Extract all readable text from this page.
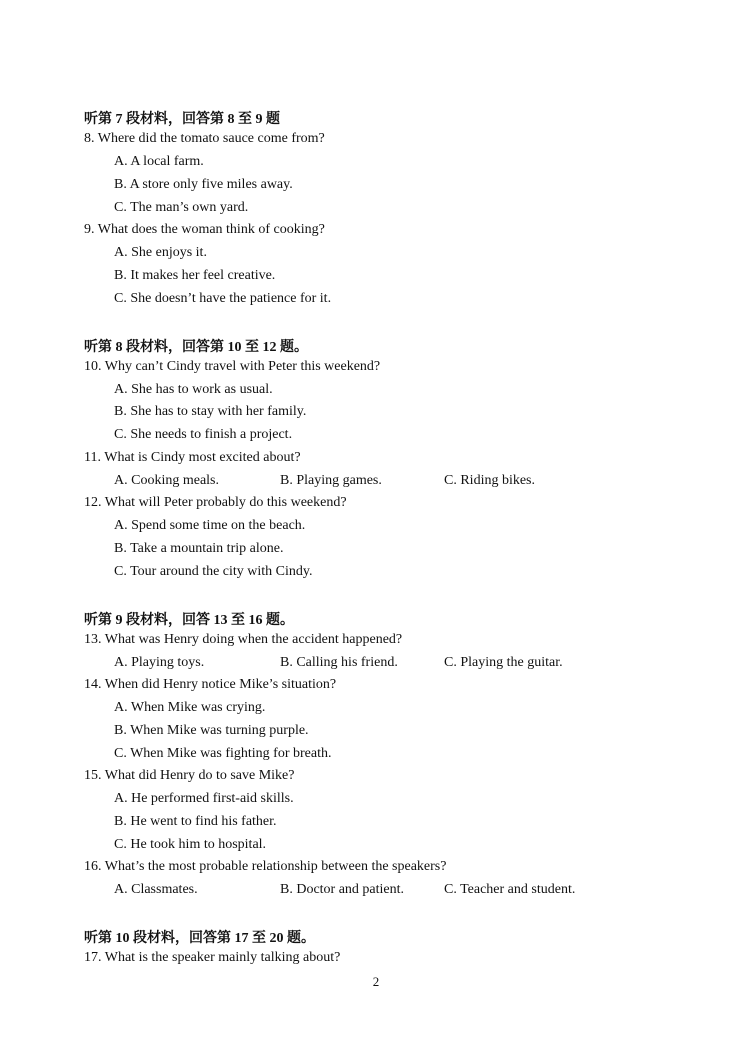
听第 7 段材料，回答第 8 至 9 题
8. Where did the tomato sauce come from?
A. A local farm.
B. A store only five miles away.
C. The man’s own yard.
9. What does the woman think of cooking?
A. She enjoys it.
B. It makes her feel creative.
C. She doesn’t have the patience for it.
听第 8 段材料，回答第 10 至 12 题。
10. Why can’t Cindy travel with Peter this weekend?
A. She has to work as usual.
B. She has to stay with her family.
C. She needs to finish a project.
11. What is Cindy most excited about?
A. Cooking meals.	B. Playing games.	C. Riding bikes.
12. What will Peter probably do this weekend?
A. Spend some time on the beach.
B. Take a mountain trip alone.
C. Tour around the city with Cindy.
听第 9 段材料，回答 13 至 16 题。
13. What was Henry doing when the accident happened?
A. Playing toys.	B. Calling his friend.	C. Playing the guitar.
14. When did Henry notice Mike’s situation?
A. When Mike was crying.
B. When Mike was turning purple.
C. When Mike was fighting for breath.
15. What did Henry do to save Mike?
A. He performed first-aid skills.
B. He went to find his father.
C. He took him to hospital.
16. What’s the most probable relationship between the speakers?
A. Classmates.	B. Doctor and patient.	C. Teacher and student.
听第 10 段材料，回答第 17 至 20 题。
17. What is the speaker mainly talking about?
2
